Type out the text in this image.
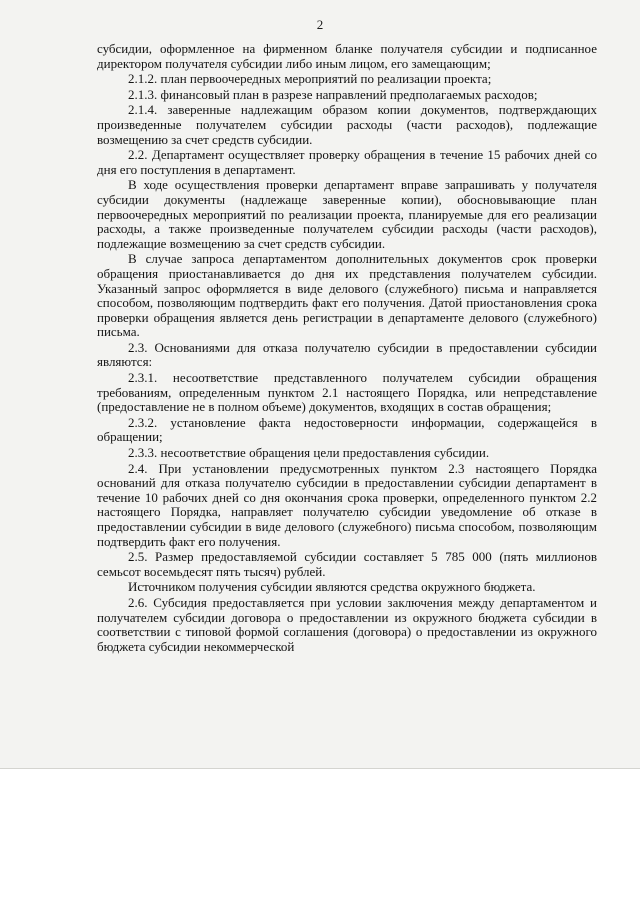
2

субсидии, оформленное на фирменном бланке получателя субсидии и подписанное директором получателя субсидии либо иным лицом, его замещающим;

2.1.2. план первоочередных мероприятий по реализации проекта;

2.1.3. финансовый план в разрезе направлений предполагаемых расходов;

2.1.4. заверенные надлежащим образом копии документов, подтверждающих произведенные получателем субсидии расходы (части расходов), подлежащие возмещению за счет средств субсидии.

2.2. Департамент осуществляет проверку обращения в течение 15 рабочих дней со дня его поступления в департамент.

В ходе осуществления проверки департамент вправе запрашивать у получателя субсидии документы (надлежаще заверенные копии), обосновывающие план первоочередных мероприятий по реализации проекта, планируемые для его реализации расходы, а также произведенные получателем субсидии расходы (части расходов), подлежащие возмещению за счет средств субсидии.

В случае запроса департаментом дополнительных документов срок проверки обращения приостанавливается до дня их представления получателем субсидии. Указанный запрос оформляется в виде делового (служебного) письма и направляется способом, позволяющим подтвердить факт его получения. Датой приостановления срока проверки обращения является день регистрации в департаменте делового (служебного) письма.

2.3. Основаниями для отказа получателю субсидии в предоставлении субсидии являются:

2.3.1. несоответствие представленного получателем субсидии обращения требованиям, определенным пунктом 2.1 настоящего Порядка, или непредставление (предоставление не в полном объеме) документов, входящих в состав обращения;

2.3.2. установление факта недостоверности информации, содержащейся в обращении;

2.3.3. несоответствие обращения цели предоставления субсидии.

2.4. При установлении предусмотренных пунктом 2.3 настоящего Порядка оснований для отказа получателю субсидии в предоставлении субсидии департамент в течение 10 рабочих дней со дня окончания срока проверки, определенного пунктом 2.2 настоящего Порядка, направляет получателю субсидии уведомление об отказе в предоставлении субсидии в виде делового (служебного) письма способом, позволяющим подтвердить факт его получения.

2.5. Размер предоставляемой субсидии составляет 5 785 000 (пять миллионов семьсот восемьдесят пять тысяч) рублей.

Источником получения субсидии являются средства окружного бюджета.

2.6. Субсидия предоставляется при условии заключения между департаментом и получателем субсидии договора о предоставлении из окружного бюджета субсидии в соответствии с типовой формой соглашения (договора) о предоставлении из окружного бюджета субсидии некоммерческой
